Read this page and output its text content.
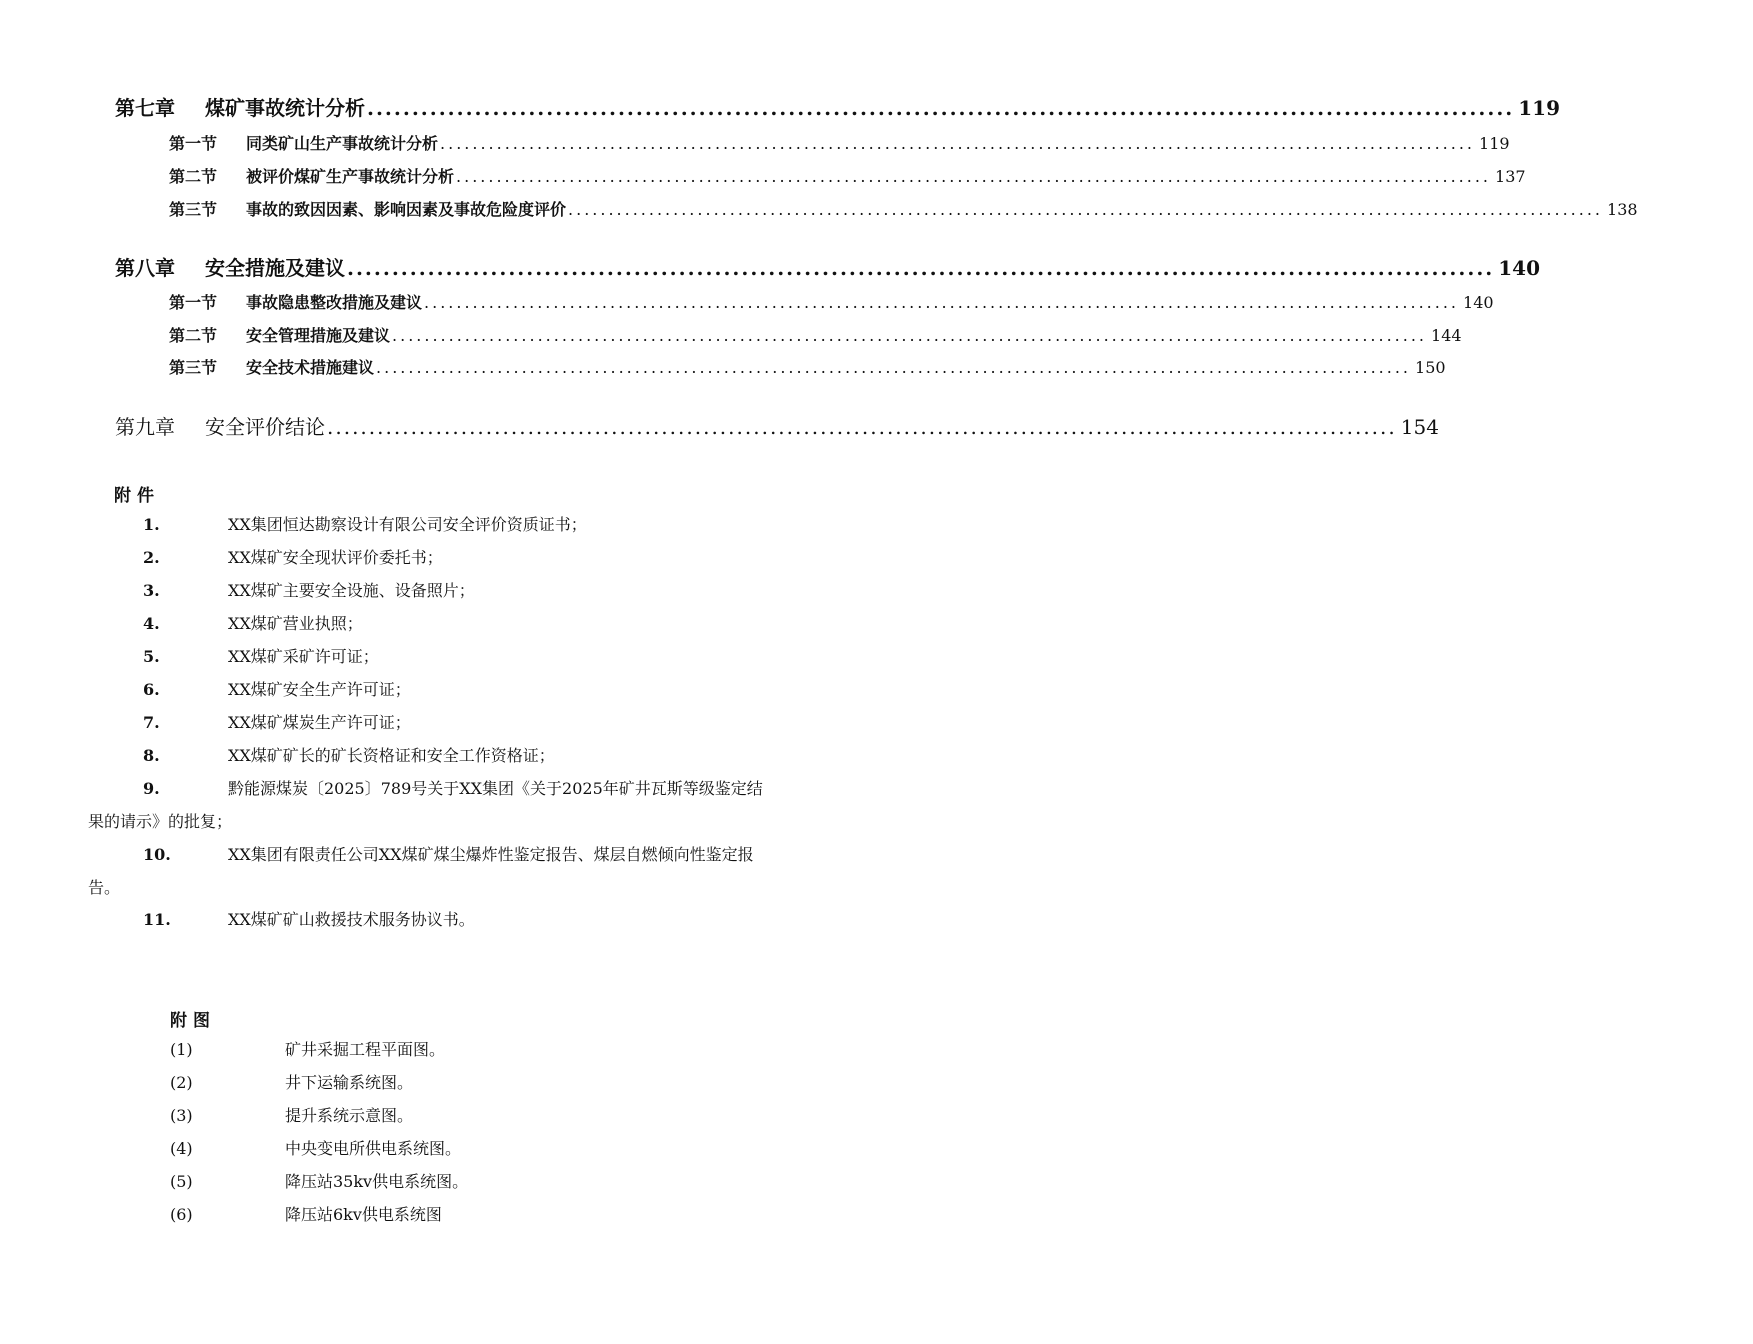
第七章	煤矿事故统计分析 ................................................................................................................................ 119
第一节	同类矿山生产事故统计分析 ................................................................................................................................ 119
第二节	被评价煤矿生产事故统计分析 ................................................................................................................................ 137
第三节	事故的致因因素、影响因素及事故危险度评价 ................................................................................................................................ 138
第八章	安全措施及建议 ................................................................................................................................ 140
第一节	事故隐患整改措施及建议 ................................................................................................................................ 140
第二节	安全管理措施及建议 ................................................................................................................................ 144
第三节	安全技术措施建议 ................................................................................................................................ 150
第九章	安全评价结论 ................................................................................................................................ 154
附件
1.	XX集团恒达勘察设计有限公司安全评价资质证书；
2.	XX煤矿安全现状评价委托书；
3.	XX煤矿主要安全设施、设备照片；
4.	XX煤矿营业执照；
5.	XX煤矿采矿许可证；
6.	XX煤矿安全生产许可证；
7.	XX煤矿煤炭生产许可证；
8.	XX煤矿矿长的矿长资格证和安全工作资格证；
9.	黔能源煤炭〔2025〕789号关于XX集团《关于2025年矿井瓦斯等级鉴定结
果的请示》的批复；
10.	XX集团有限责任公司XX煤矿煤尘爆炸性鉴定报告、煤层自燃倾向性鉴定报
告。
11.	XX煤矿矿山救援技术服务协议书。
附图
(1)	矿井采掘工程平面图。
(2)	井下运输系统图。
(3)	提升系统示意图。
(4)	中央变电所供电系统图。
(5)	降压站35kv供电系统图。
(6)	降压站6kv供电系统图
